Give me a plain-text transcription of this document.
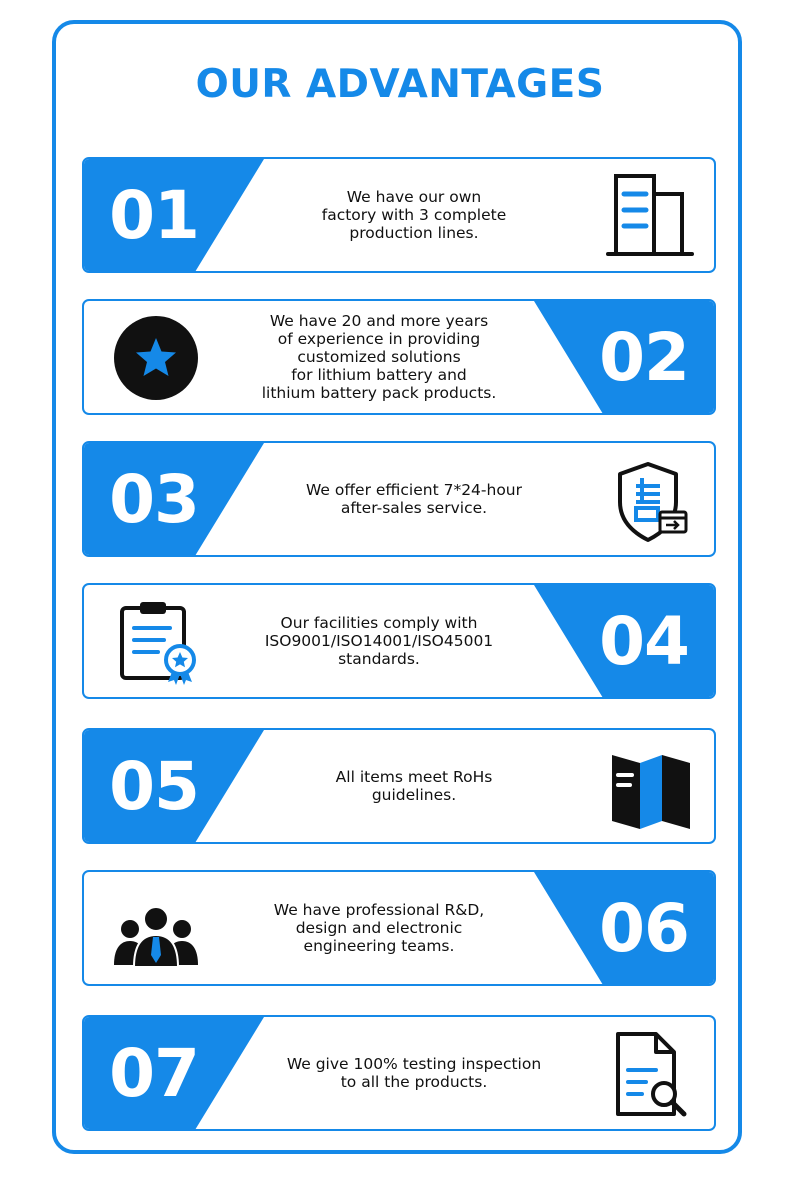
OUR ADVANTAGES
01	We have our own
factory with 3 complete
production lines.
02
We have 20 and more years
of experience in providing
customized solutions
for lithium battery and
lithium battery pack products.
03	We offer efficient 7*24-hour
after-sales service.
04
Our facilities comply with
ISO9001/ISO14001/ISO45001
standards.
05	All items meet RoHs
guidelines.
06
We have professional R&D,
design and electronic
engineering teams.
07	We give 100% testing inspection
to all the products.
